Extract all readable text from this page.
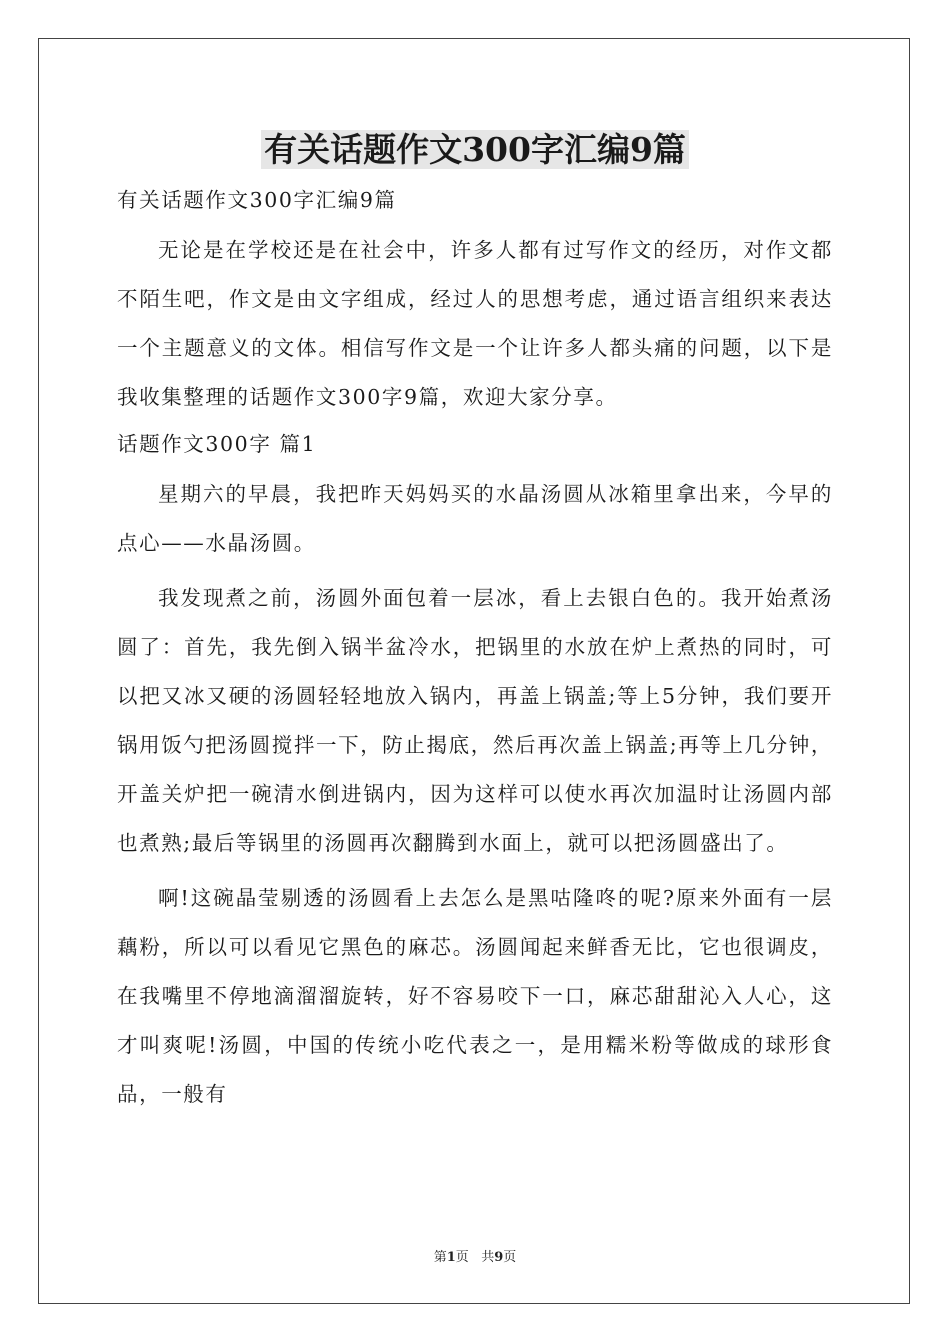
有关话题作文300字汇编9篇

有关话题作文300字汇编9篇

无论是在学校还是在社会中，许多人都有过写作文的经历，对作文都不陌生吧，作文是由文字组成，经过人的思想考虑，通过语言组织来表达一个主题意义的文体。相信写作文是一个让许多人都头痛的问题，以下是我收集整理的话题作文300字9篇，欢迎大家分享。

话题作文300字 篇1

星期六的早晨，我把昨天妈妈买的水晶汤圆从冰箱里拿出来，今早的点心——水晶汤圆。

我发现煮之前，汤圆外面包着一层冰，看上去银白色的。我开始煮汤圆了：首先，我先倒入锅半盆冷水，把锅里的水放在炉上煮热的同时，可以把又冰又硬的汤圆轻轻地放入锅内，再盖上锅盖;等上5分钟，我们要开锅用饭勺把汤圆搅拌一下，防止揭底，然后再次盖上锅盖;再等上几分钟，开盖关炉把一碗清水倒进锅内，因为这样可以使水再次加温时让汤圆内部也煮熟;最后等锅里的汤圆再次翻腾到水面上，就可以把汤圆盛出了。

啊!这碗晶莹剔透的汤圆看上去怎么是黑咕隆咚的呢?原来外面有一层藕粉，所以可以看见它黑色的麻芯。汤圆闻起来鲜香无比，它也很调皮，在我嘴里不停地滴溜溜旋转，好不容易咬下一口，麻芯甜甜沁入人心，这才叫爽呢!汤圆，中国的传统小吃代表之一，是用糯米粉等做成的球形食品，一般有

第1页 共9页
